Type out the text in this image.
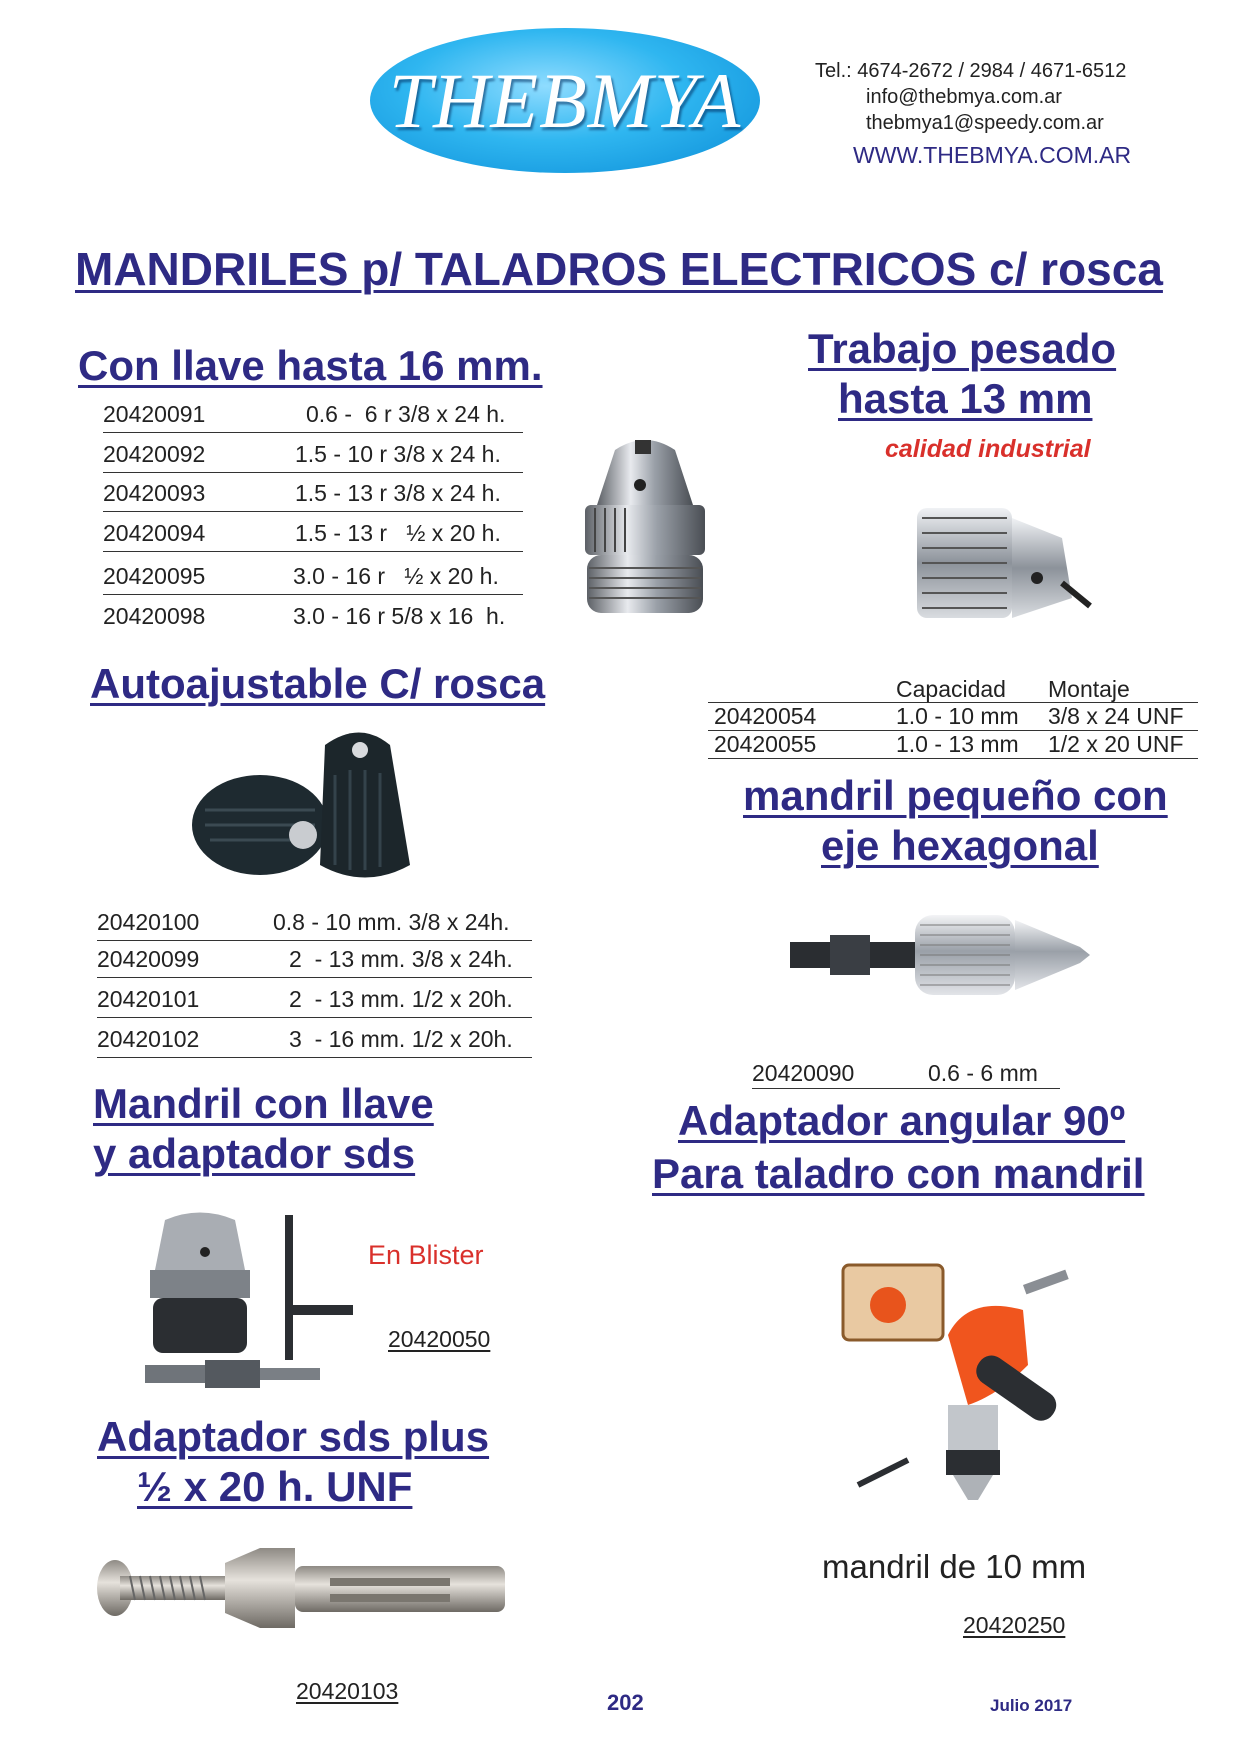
THEBMYA	Tel.: 4674-2672 / 2984 / 4671-6512
info@thebmya.com.ar
thebmya1@speedy.com.ar
WWW.THEBMYA.COM.AR
MANDRILES p/ TALADROS ELECTRICOS c/ rosca
Con llave hasta 16 mm.
20420091	0.6 -  6 r 3/8 x 24 h.
20420092	1.5 - 10 r 3/8 x 24 h.
20420093	1.5 - 13 r 3/8 x 24 h.
20420094	1.5 - 13 r   ½ x 20 h.
20420095	3.0 - 16 r   ½ x 20 h.
20420098	3.0 - 16 r 5/8 x 16  h.
Trabajo pesado
hasta 13 mm
calidad industrial
Capacidad Montaje
20420054	1.0 - 10 mm 3/8 x 24 UNF
20420055	1.0 - 13 mm 1/2 x 20 UNF
Autoajustable C/ rosca
20420100	0.8 - 10 mm. 3/8 x 24h.
20420099	2  - 13 mm. 3/8 x 24h.
20420101	2  - 13 mm. 1/2 x 20h.
20420102	3  - 16 mm. 1/2 x 20h.
mandril pequeño con
eje hexagonal
20420090	0.6 - 6 mm
Mandril con llave
y adaptador sds
En Blister
20420050
Adaptador angular 90º
Para taladro con mandril
mandril de 10 mm
20420250
Adaptador sds plus
½ x 20 h. UNF
20420103	202	Julio 2017
